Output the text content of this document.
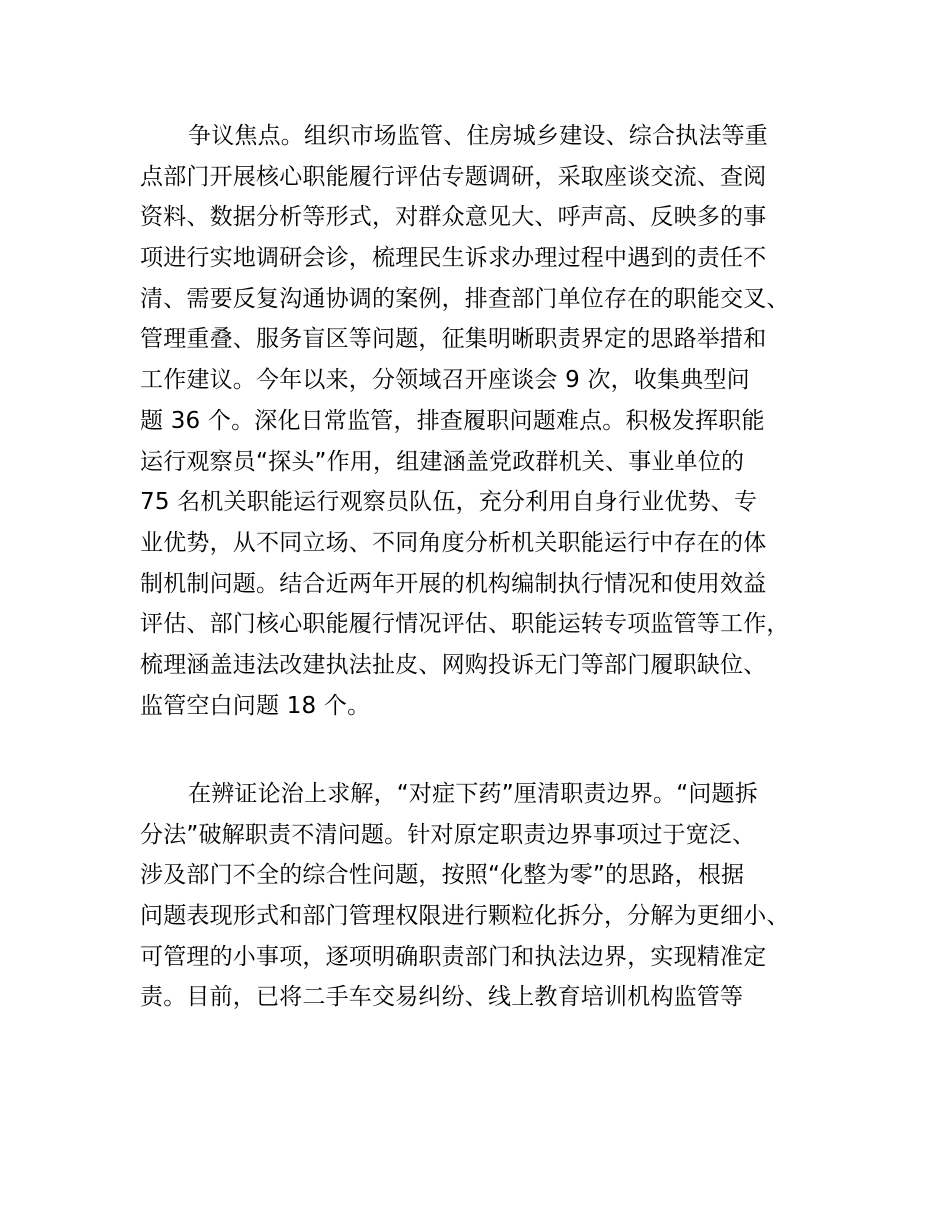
争议焦点。组织市场监管、住房城乡建设、综合执法等重
点部门开展核心职能履行评估专题调研，采取座谈交流、查阅
资料、数据分析等形式，对群众意见大、呼声高、反映多的事
项进行实地调研会诊，梳理民生诉求办理过程中遇到的责任不
清、需要反复沟通协调的案例，排查部门单位存在的职能交叉、
管理重叠、服务盲区等问题，征集明晰职责界定的思路举措和
工作建议。今年以来，分领域召开座谈会 9 次，收集典型问
题 36 个。深化日常监管，排查履职问题难点。积极发挥职能
运行观察员“探头”作用，组建涵盖党政群机关、事业单位的
75 名机关职能运行观察员队伍，充分利用自身行业优势、专
业优势，从不同立场、不同角度分析机关职能运行中存在的体
制机制问题。结合近两年开展的机构编制执行情况和使用效益
评估、部门核心职能履行情况评估、职能运转专项监管等工作，
梳理涵盖违法改建执法扯皮、网购投诉无门等部门履职缺位、
监管空白问题 18 个。
在辨证论治上求解，“对症下药”厘清职责边界。“问题拆
分法”破解职责不清问题。针对原定职责边界事项过于宽泛、
涉及部门不全的综合性问题，按照“化整为零”的思路，根据
问题表现形式和部门管理权限进行颗粒化拆分，分解为更细小、
可管理的小事项，逐项明确职责部门和执法边界，实现精准定
责。目前，已将二手车交易纠纷、线上教育培训机构监管等
